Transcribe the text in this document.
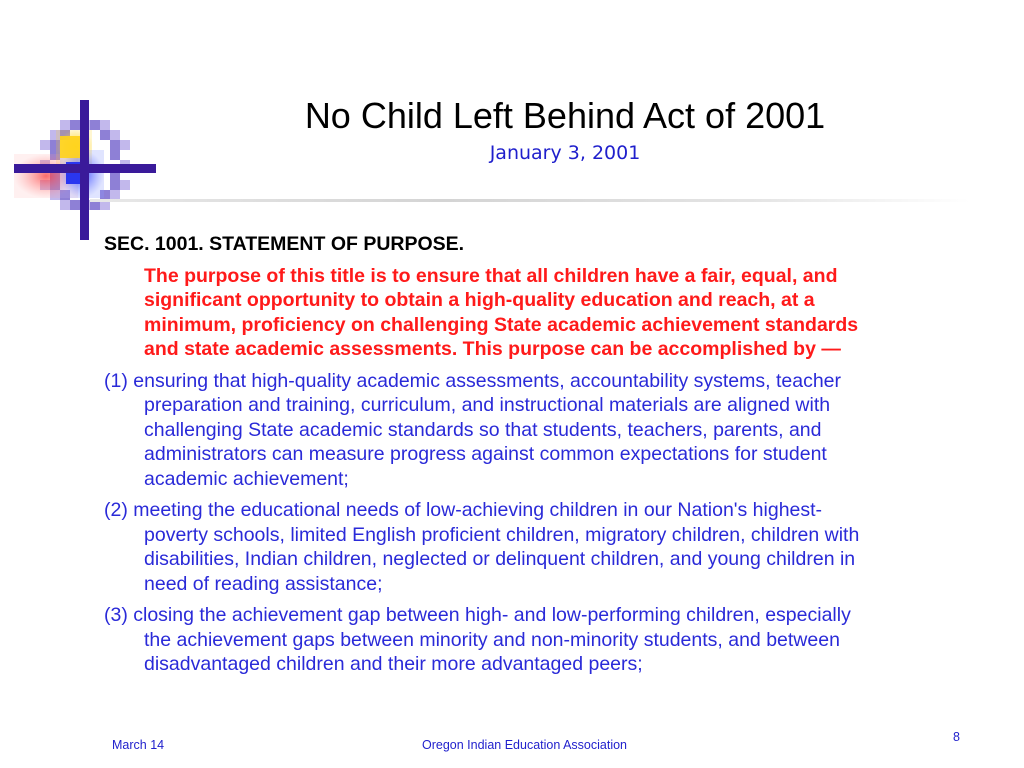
No Child Left Behind Act of 2001
January 3, 2001
SEC. 1001. STATEMENT OF PURPOSE.
The purpose of this title is to ensure that all children have a fair, equal, and
significant opportunity to obtain a high-quality education and reach, at a
minimum, proficiency on challenging State academic achievement standards
and state academic assessments. This purpose can be accomplished by —
(1) ensuring that high-quality academic assessments, accountability systems, teacher
preparation and training, curriculum, and instructional materials are aligned with
challenging State academic standards so that students, teachers, parents, and
administrators can measure progress against common expectations for student
academic achievement;
(2) meeting the educational needs of low-achieving children in our Nation's highest-
poverty schools, limited English proficient children, migratory children, children with
disabilities, Indian children, neglected or delinquent children, and young children in
need of reading assistance;
(3) closing the achievement gap between high- and low-performing children, especially
the achievement gaps between minority and non-minority students, and between
disadvantaged children and their more advantaged peers;
March 14	Oregon Indian Education Association
8
